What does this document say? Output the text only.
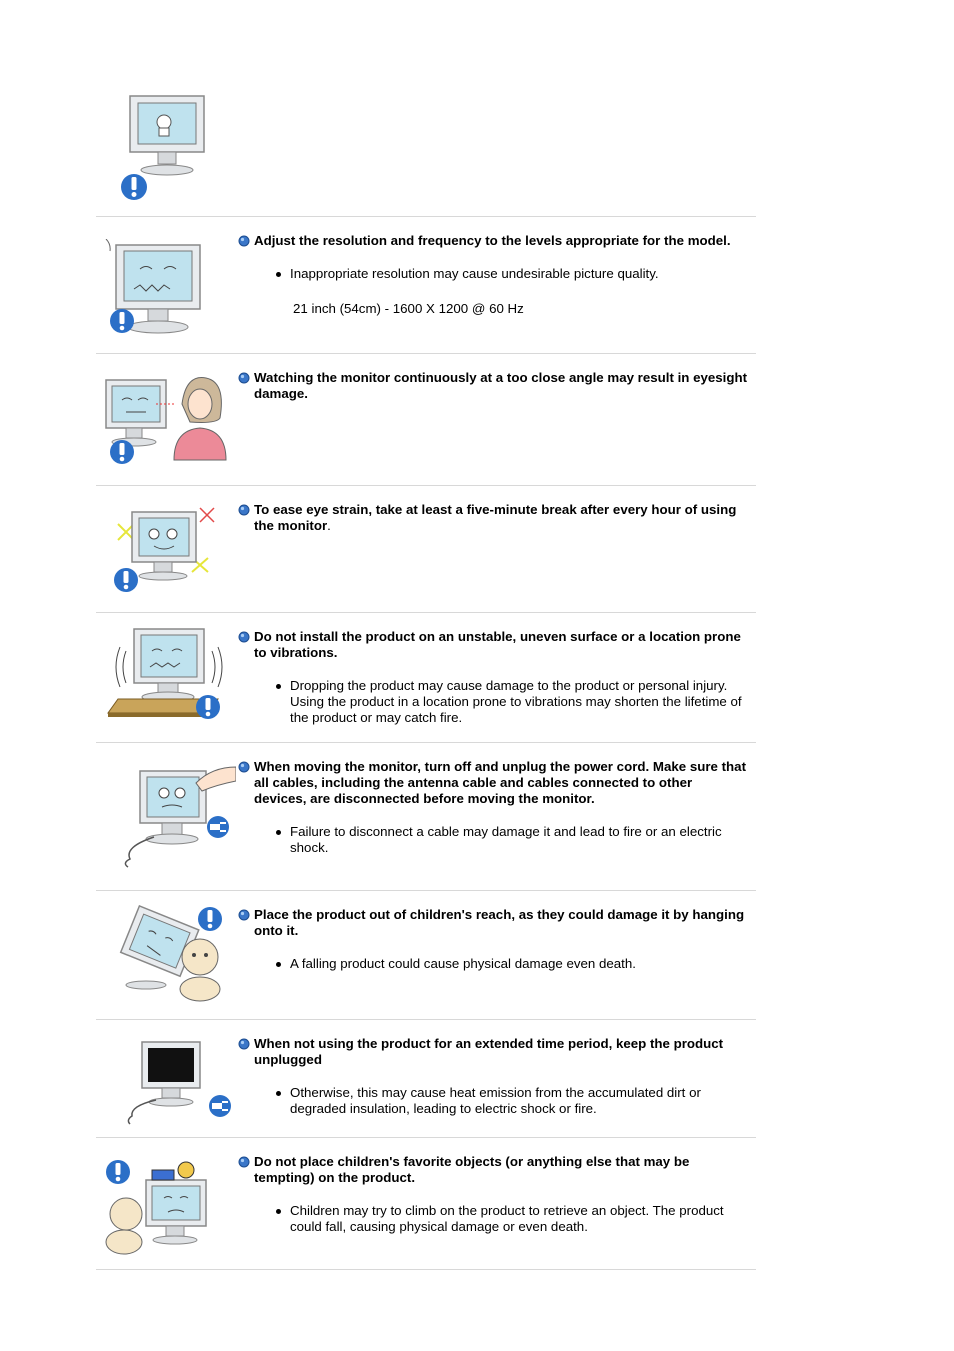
Adjust the resolution and frequency to the levels appropriate for the model.
Inappropriate resolution may cause undesirable picture quality.
21 inch (54cm) - 1600 X 1200 @ 60 Hz
Watching the monitor continuously at a too close angle may result in eyesight damage.
To ease eye strain, take at least a five-minute break after every hour of using the monitor.
Do not install the product on an unstable, uneven surface or a location prone to vibrations.
Dropping the product may cause damage to the product or personal injury. Using the product in a location prone to vibrations may shorten the lifetime of the product or may catch fire.
When moving the monitor, turn off and unplug the power cord. Make sure that all cables, including the antenna cable and cables connected to other devices, are disconnected before moving the monitor.
Failure to disconnect a cable may damage it and lead to fire or an electric shock.
Place the product out of children's reach, as they could damage it by hanging onto it.
A falling product could cause physical damage even death.
When not using the product for an extended time period, keep the product unplugged
Otherwise, this may cause heat emission from the accumulated dirt or degraded insulation, leading to electric shock or fire.
Do not place children's favorite objects (or anything else that may be tempting) on the product.
Children may try to climb on the product to retrieve an object. The product could fall, causing physical damage or even death.
